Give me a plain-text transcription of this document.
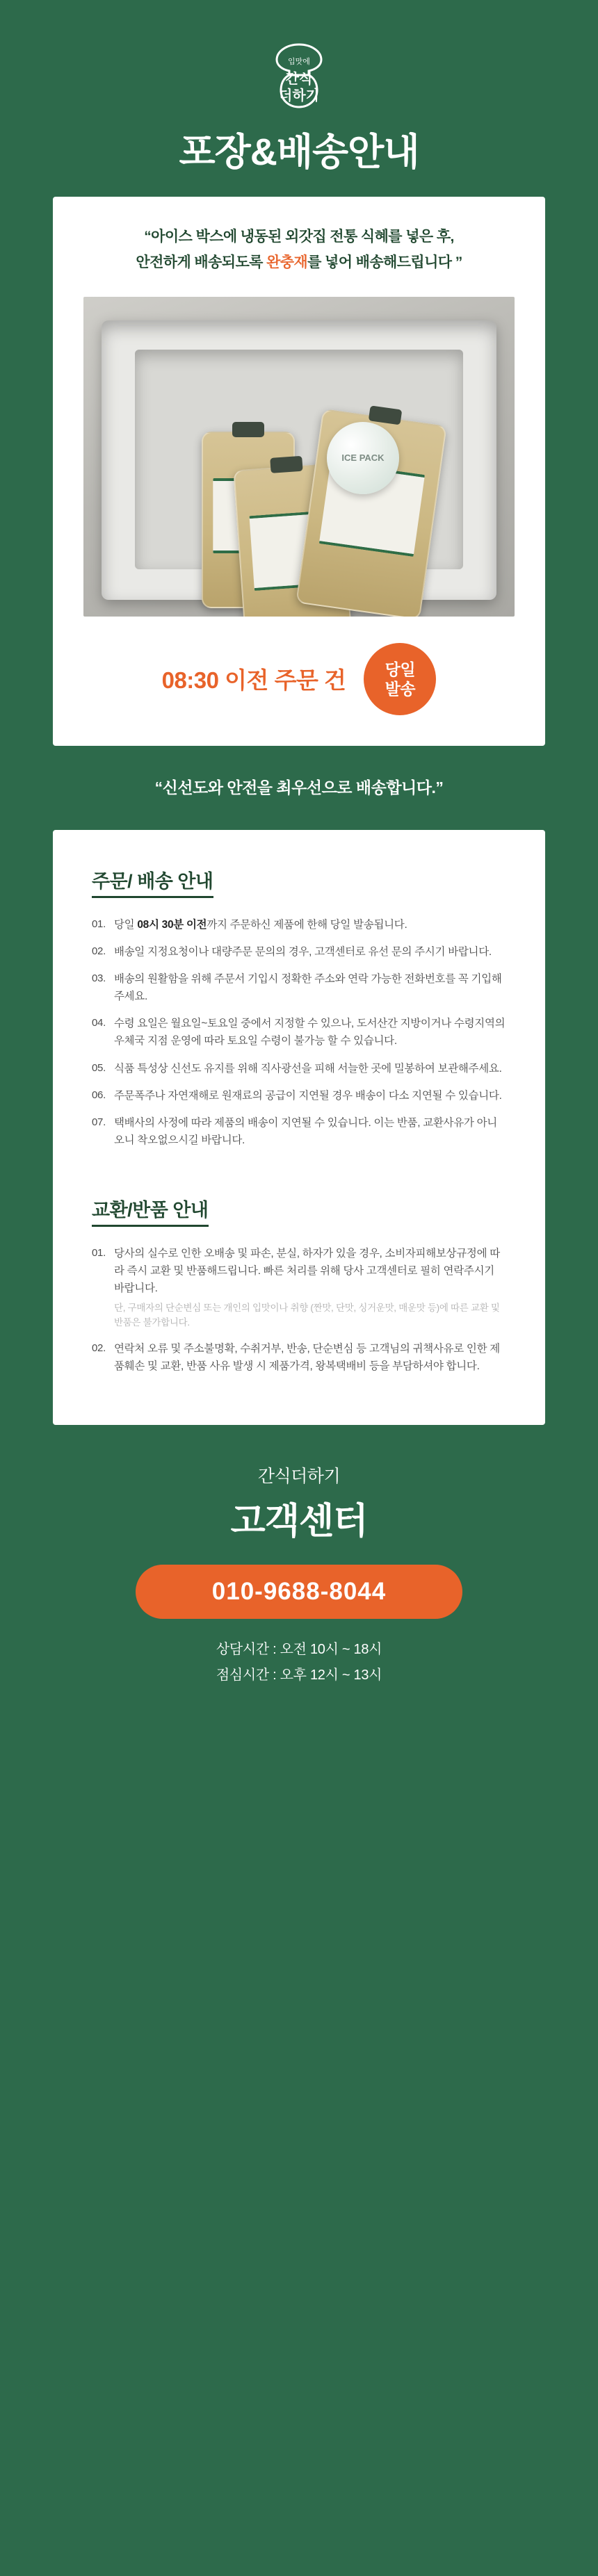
입맛에
간식
더하기
포장&배송안내
“아이스 박스에 냉동된 외갓집 전통 식혜를 넣은 후,
안전하게 배송되도록 완충재를 넣어 배송해드립니다 ”
ICE PACK
08:30 이전 주문 건 당일
발송
“신선도와 안전을 최우선으로 배송합니다.”
주문/ 배송 안내
01. 당일 08시 30분 이전까지 주문하신 제품에 한해 당일 발송됩니다.
02. 배송일 지정요청이나 대량주문 문의의 경우, 고객센터로 유선 문의 주시기 바랍니다.
03. 배송의 원활함을 위해 주문서 기입시 정확한 주소와 연락 가능한 전화번호를 꼭 기입해주세요.
04. 수령 요일은 월요일~토요일 중에서 지정할 수 있으나, 도서산간 지방이거나 수령지역의 우체국 지점 운영에 따라 토요일 수령이 불가능 할 수 있습니다.
05. 식품 특성상 신선도 유지를 위해 직사광선을 피해 서늘한 곳에 밀봉하여 보관해주세요.
06. 주문폭주나 자연재해로 원재료의 공급이 지연될 경우 배송이 다소 지연될 수 있습니다.
07. 택배사의 사정에 따라 제품의 배송이 지연될 수 있습니다. 이는 반품, 교환사유가 아니오니 착오없으시길 바랍니다.
교환/반품 안내
01. 당사의 실수로 인한 오배송 및 파손, 분실, 하자가 있을 경우, 소비자피해보상규정에 따라 즉시 교환 및 반품해드립니다. 빠른 처리를 위해 당사 고객센터로 필히 연락주시기 바랍니다.
단, 구매자의 단순변심 또는 개인의 입맛이나 취향 (짠맛, 단맛, 싱거운맛, 매운맛 등)에 따른 교환 및 반품은 불가합니다.
02. 연락처 오류 및 주소불명확, 수취거부, 반송, 단순변심 등 고객님의 귀책사유로 인한 제품훼손 및 교환, 반품 사유 발생 시 제품가격, 왕복택배비 등을 부담하셔야 합니다.
간식더하기
고객센터
010-9688-8044
상담시간 : 오전 10시 ~ 18시
점심시간 : 오후 12시 ~ 13시
